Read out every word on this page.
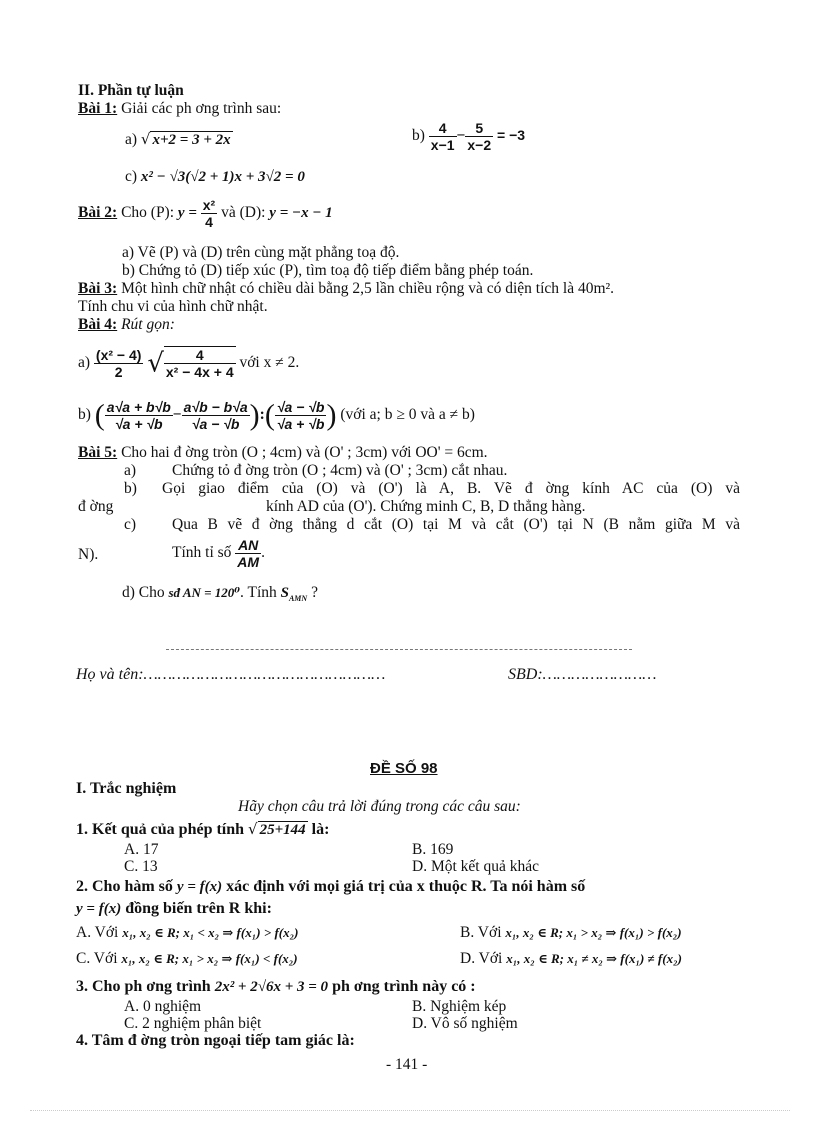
II. Phần tự luận
Bài 1: Giải các ph ơng trình sau:
a) √ x+2 = 3 + 2x	$b) \frac{4}{x-1} - \frac{5}{x-2} = -3$
c) x² − √3(√2 + 1)x + 3√2 = 0
Bài 2: Cho (P): $y = \frac{\text{x²}}{4}$ và (D): y = −x − 1
a) Vẽ (P) và (D) trên cùng mặt phẳng toạ độ.
b) Chứng tỏ (D) tiếp xúc (P), tìm toạ độ tiếp điểm bằng phép toán.
Bài 3: Một hình chữ nhật có chiều dài bằng 2,5 lần chiều rộng và có diện tích là 40m².
Tính chu vi của hình chữ nhật.
Bài 4: Rút gọn:
$a) \frac{\text{(x² − 4)}}{2}$ √ $\frac{4}{\text{x² − 4x + 4}}$ với x ≠ 2.
b) ( $\frac{a√a + b√b}{√a + √b} - \frac{a√b - b√a}{√a - √b}$ ):( $\frac{√a - √b}{√a + √b}$ ) (với a; b ≥ 0 và a ≠ b)
Bài 5: Cho hai đ ờng tròn (O ; 4cm) và (O' ; 3cm) với OO' = 6cm.
a) Chứng tỏ đ ờng tròn (O ; 4cm) và (O' ; 3cm) cắt nhau.
b) Gọi giao điểm của (O) và (O') là A, B. Vẽ đ ờng kính AC của (O) và
đ ờng	kính AD của (O'). Chứng minh C, B, D thẳng hàng.
c) Qua B vẽ đ ờng thẳng d cắt (O) tại M và cắt (O') tại N (B nằm giữa M và
N).	Tính tỉ số $\frac{AN}{AM}$ .
d) Cho sđ AN = 120⁰. Tính $S_{AMN}$ ?
Họ và tên:……………………………………………	SBD:……………………
ĐỀ SỐ 98
I. Trắc nghiệm
Hãy chọn câu trả lời đúng trong các câu sau:
1. Kết quả của phép tính √ 25+144 là:
A. 17	B. 169
C. 13	D. Một kết quả khác
2. Cho hàm số y = f(x) xác định với mọi giá trị của x thuộc R. Ta nói hàm số
y = f(x) đồng biến trên R khi:
A. Với x₁, x₂ ∈ R; x₁ < x₂ ⇒ f(x₁) > f(x₂)	B. Với x₁, x₂ ∈ R; x₁ > x₂ ⇒ f(x₁) > f(x₂)
C. Với x₁, x₂ ∈ R; x₁ > x₂ ⇒ f(x₁) < f(x₂)	D. Với x₁, x₂ ∈ R; x₁ ≠ x₂ ⇒ f(x₁) ≠ f(x₂)
3. Cho ph ơng trình 2x² + 2√6x + 3 = 0 ph ơng trình này có :
A. 0 nghiệm	B. Nghiệm kép
C. 2 nghiệm phân biệt	D. Vô số nghiệm
4. Tâm đ ờng tròn ngoại tiếp tam giác là:
- 141 -
